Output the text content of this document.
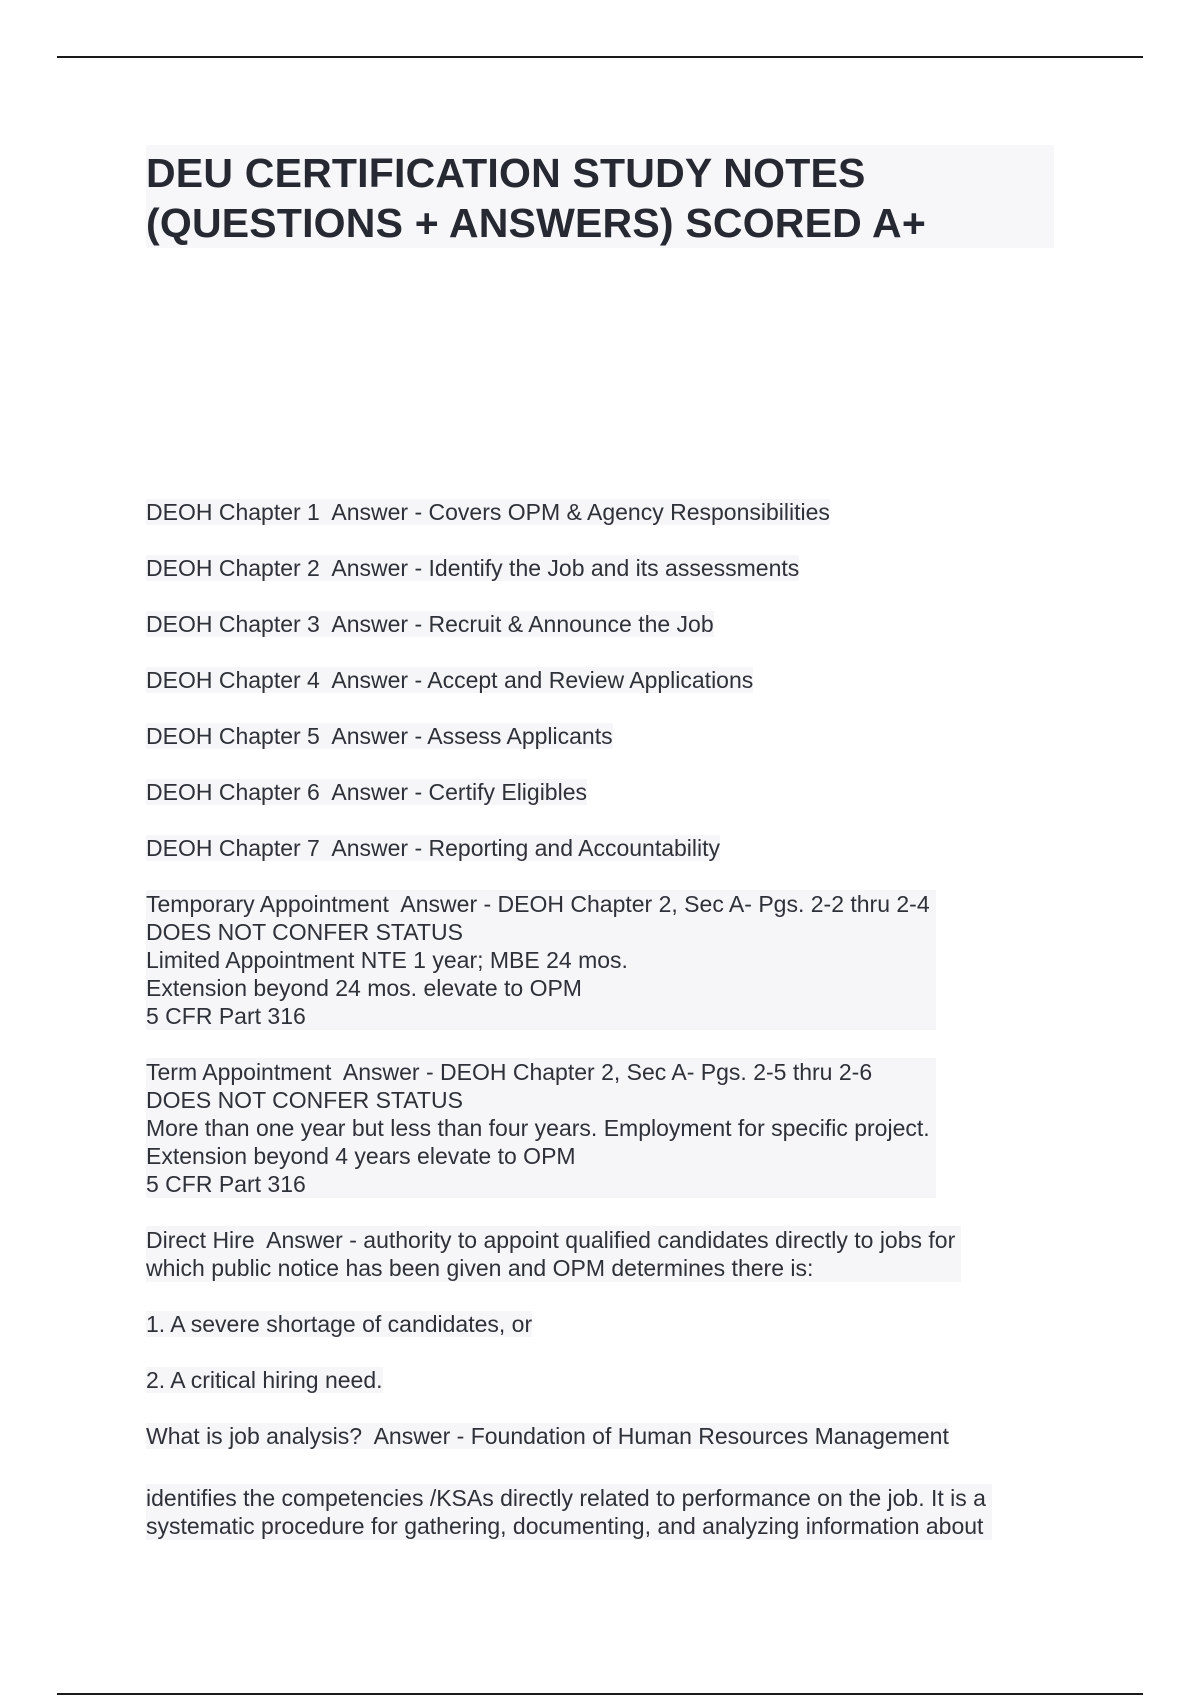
DEU CERTIFICATION STUDY NOTES
(QUESTIONS + ANSWERS) SCORED A+

DEOH Chapter 1 Answer - Covers OPM & Agency Responsibilities

DEOH Chapter 2 Answer - Identify the Job and its assessments

DEOH Chapter 3 Answer - Recruit & Announce the Job

DEOH Chapter 4 Answer - Accept and Review Applications

DEOH Chapter 5 Answer - Assess Applicants

DEOH Chapter 6 Answer - Certify Eligibles

DEOH Chapter 7 Answer - Reporting and Accountability

Temporary Appointment Answer - DEOH Chapter 2, Sec A- Pgs. 2-2 thru 2-4
DOES NOT CONFER STATUS
Limited Appointment NTE 1 year; MBE 24 mos.
Extension beyond 24 mos. elevate to OPM
5 CFR Part 316
Term Appointment Answer - DEOH Chapter 2, Sec A- Pgs. 2-5 thru 2-6
DOES NOT CONFER STATUS
More than one year but less than four years. Employment for specific project.
Extension beyond 4 years elevate to OPM
5 CFR Part 316
Direct Hire Answer - authority to appoint qualified candidates directly to jobs for
which public notice has been given and OPM determines there is:

1. A severe shortage of candidates, or

2. A critical hiring need.

What is job analysis? Answer - Foundation of Human Resources Management

identifies the competencies /KSAs directly related to performance on the job. It is a
systematic procedure for gathering, documenting, and analyzing information about
